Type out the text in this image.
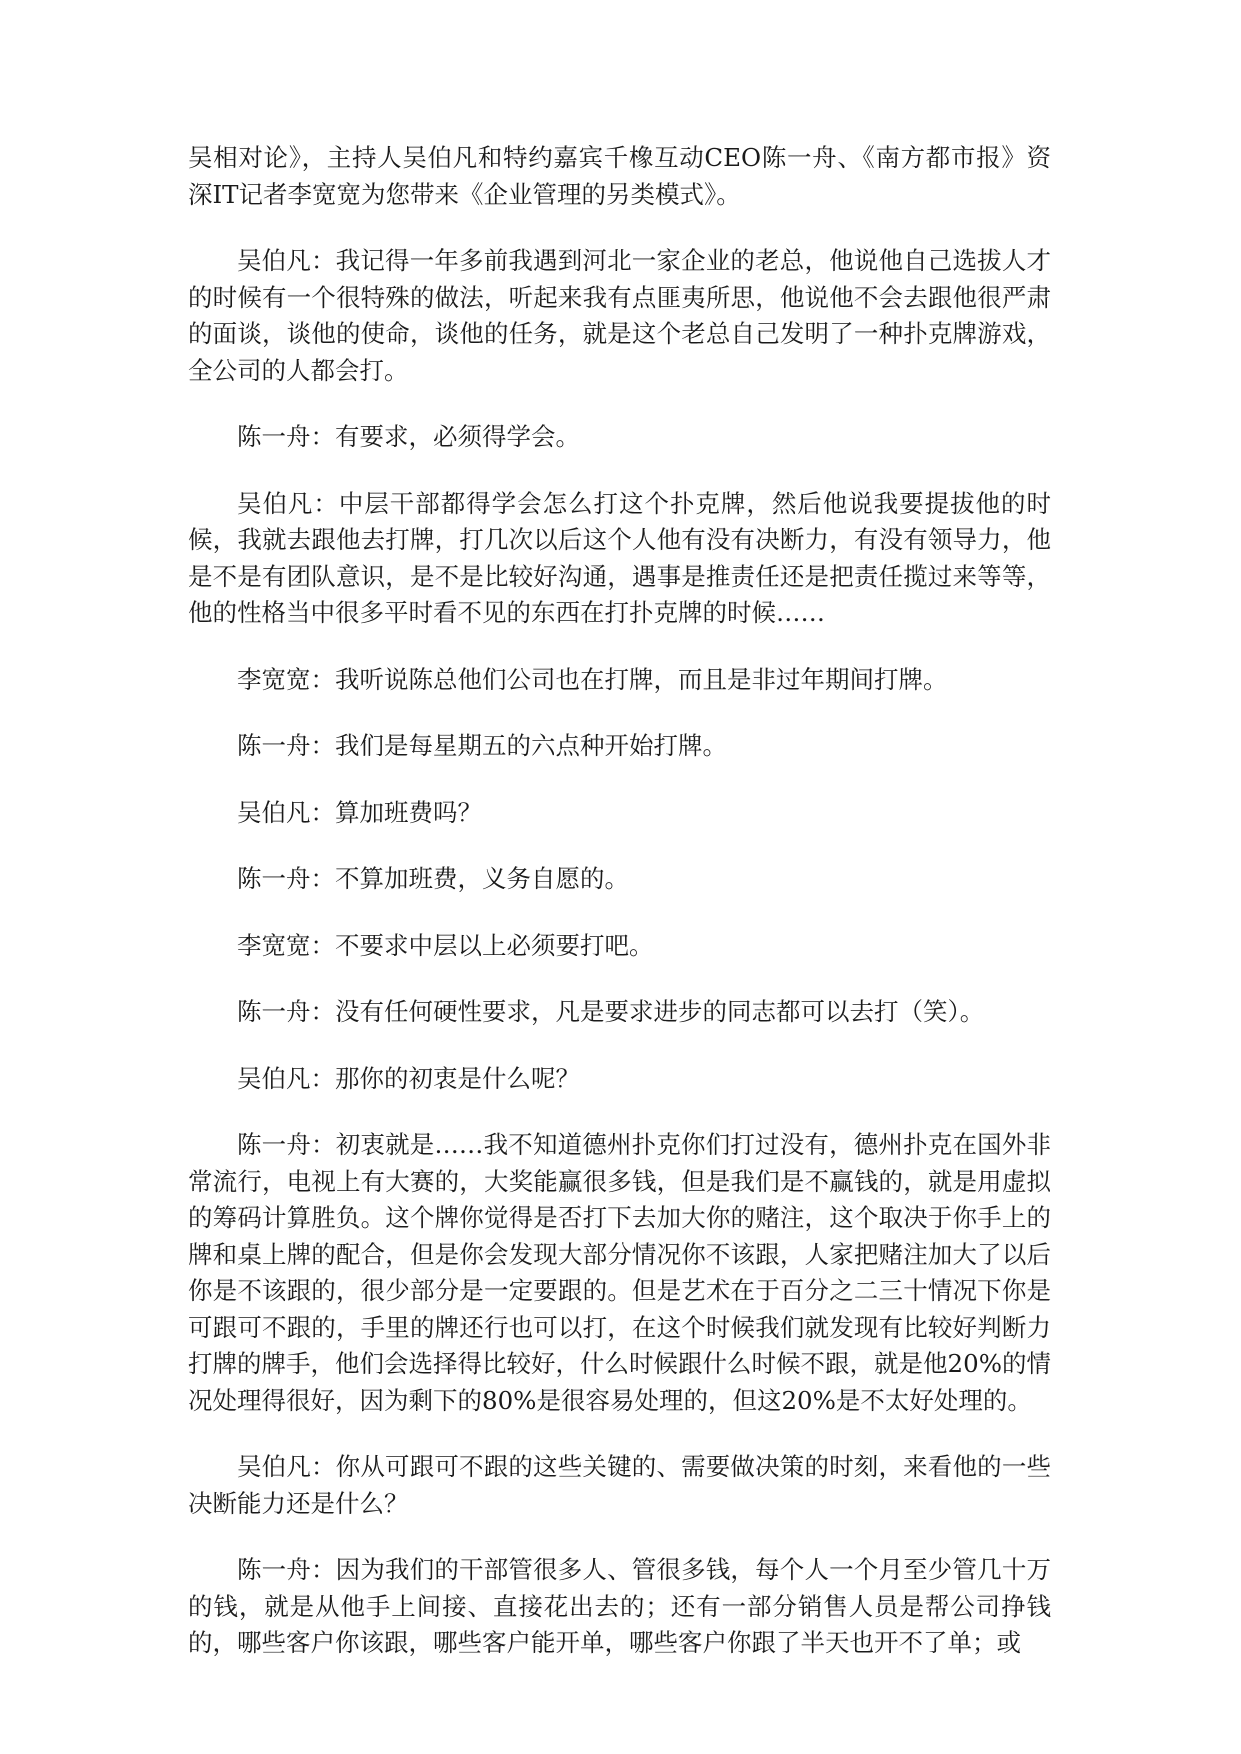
吴相对论》，主持人吴伯凡和特约嘉宾千橡互动CEO陈一舟、《南方都市报》资深IT记者李宽宽为您带来《企业管理的另类模式》。

吴伯凡：我记得一年多前我遇到河北一家企业的老总，他说他自己选拔人才的时候有一个很特殊的做法，听起来我有点匪夷所思，他说他不会去跟他很严肃的面谈，谈他的使命，谈他的任务，就是这个老总自己发明了一种扑克牌游戏，全公司的人都会打。

陈一舟：有要求，必须得学会。

吴伯凡：中层干部都得学会怎么打这个扑克牌，然后他说我要提拔他的时候，我就去跟他去打牌，打几次以后这个人他有没有决断力，有没有领导力，他是不是有团队意识，是不是比较好沟通，遇事是推责任还是把责任揽过来等等，他的性格当中很多平时看不见的东西在打扑克牌的时候……

李宽宽：我听说陈总他们公司也在打牌，而且是非过年期间打牌。

陈一舟：我们是每星期五的六点种开始打牌。

吴伯凡：算加班费吗？

陈一舟：不算加班费，义务自愿的。

李宽宽：不要求中层以上必须要打吧。

陈一舟：没有任何硬性要求，凡是要求进步的同志都可以去打（笑）。

吴伯凡：那你的初衷是什么呢？

陈一舟：初衷就是……我不知道德州扑克你们打过没有，德州扑克在国外非常流行，电视上有大赛的，大奖能赢很多钱，但是我们是不赢钱的，就是用虚拟的筹码计算胜负。这个牌你觉得是否打下去加大你的赌注，这个取决于你手上的牌和桌上牌的配合，但是你会发现大部分情况你不该跟，人家把赌注加大了以后你是不该跟的，很少部分是一定要跟的。但是艺术在于百分之二三十情况下你是可跟可不跟的，手里的牌还行也可以打，在这个时候我们就发现有比较好判断力打牌的牌手，他们会选择得比较好，什么时候跟什么时候不跟，就是他20%的情况处理得很好，因为剩下的80%是很容易处理的，但这20%是不太好处理的。

吴伯凡：你从可跟可不跟的这些关键的、需要做决策的时刻，来看他的一些决断能力还是什么？

陈一舟：因为我们的干部管很多人、管很多钱，每个人一个月至少管几十万的钱，就是从他手上间接、直接花出去的；还有一部分销售人员是帮公司挣钱的，哪些客户你该跟，哪些客户能开单，哪些客户你跟了半天也开不了单；或
